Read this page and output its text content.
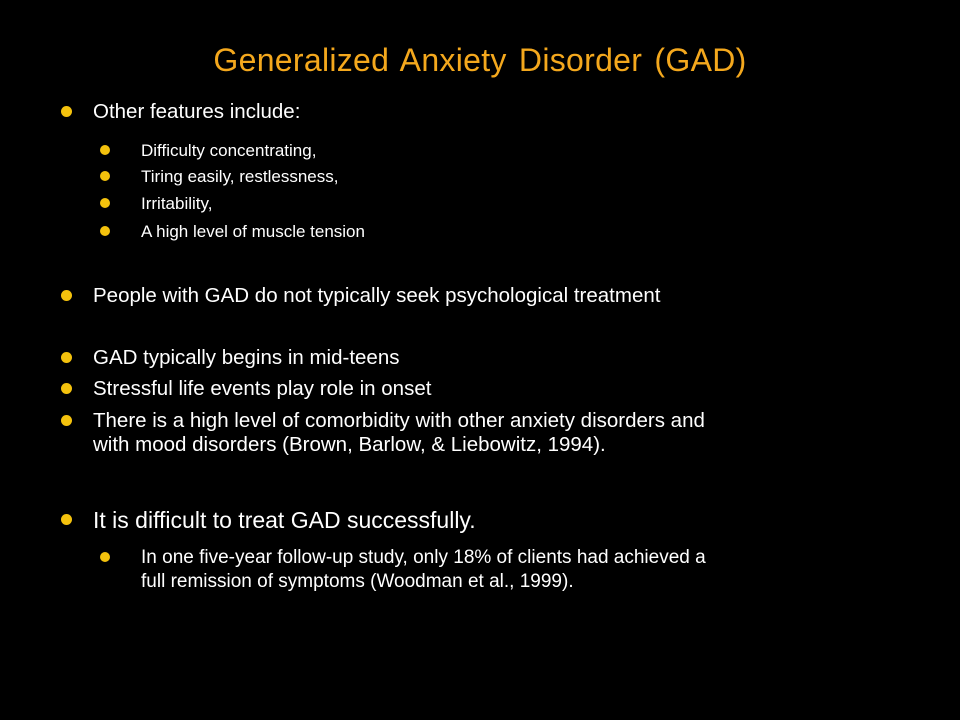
Generalized Anxiety Disorder (GAD)
Other features include:
Difficulty concentrating,
Tiring easily, restlessness,
Irritability,
A high level of muscle tension
People with GAD do not typically seek psychological treatment
GAD typically begins in mid-teens
Stressful life events play role in onset
There is a high level of comorbidity with other anxiety disorders and
with mood disorders (Brown, Barlow, & Liebowitz, 1994).
It is difficult to treat GAD successfully.
In one five-year follow-up study, only 18% of clients had achieved a
full remission of symptoms (Woodman et al., 1999).
